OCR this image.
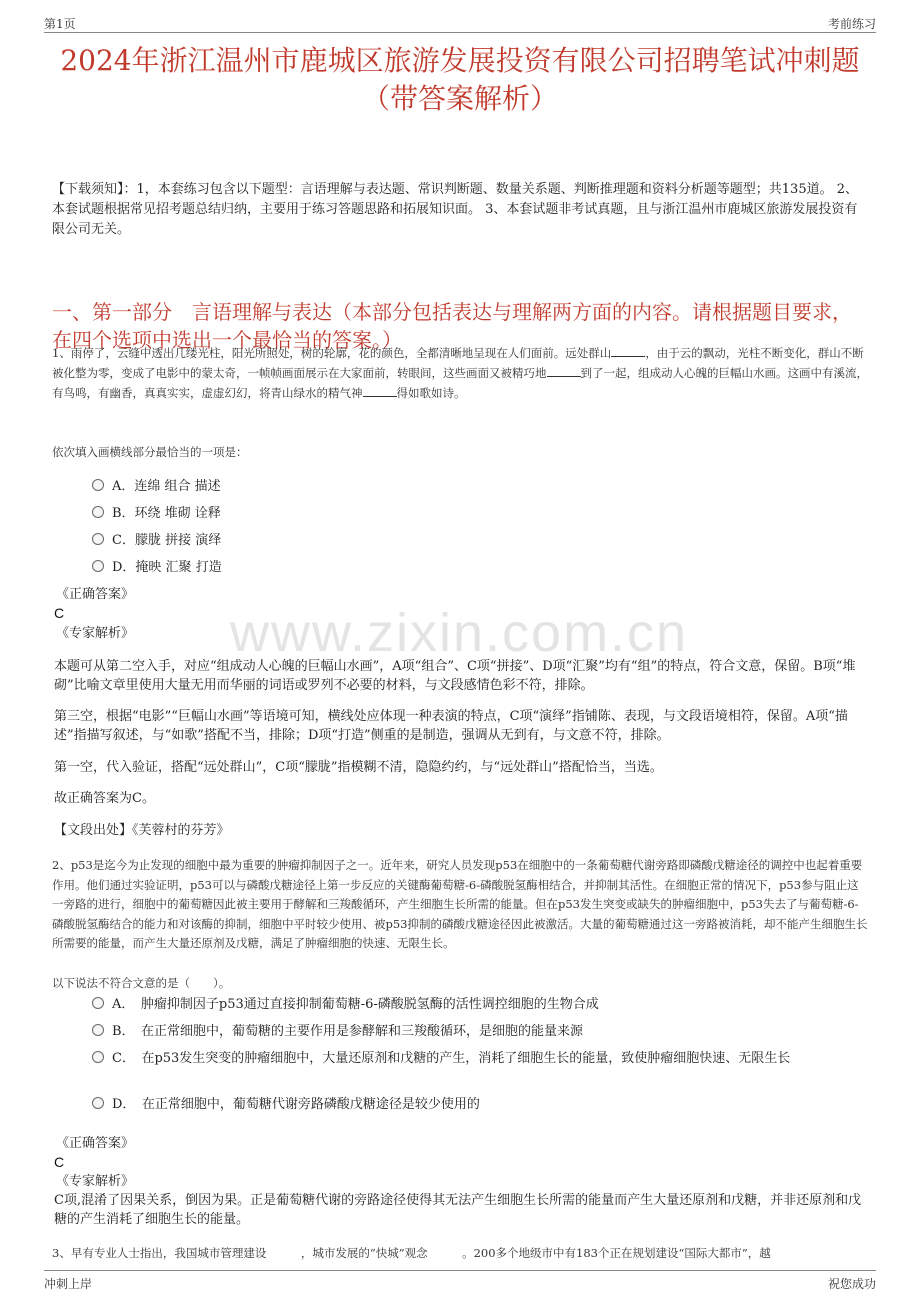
第1页	考前练习
2024年浙江温州市鹿城区旅游发展投资有限公司招聘笔试冲刺题（带答案解析）
【下载须知】：1，本套练习包含以下题型：言语理解与表达题、常识判断题、数量关系题、判断推理题和资料分析题等题型；共135道。 2、本套试题根据常见招考题总结归纳，主要用于练习答题思路和拓展知识面。 3、本套试题非考试真题，且与浙江温州市鹿城区旅游发展投资有限公司无关。
一、第一部分　言语理解与表达（本部分包括表达与理解两方面的内容。请根据题目要求，在四个选项中选出一个最恰当的答案。）
1、雨停了，云缝中透出几缕光柱，阳光所照处，树的轮廓，花的颜色，全都清晰地呈现在人们面前。远处群山	，由于云的飘动，光柱不断变化，群山不断被化整为零，变成了电影中的蒙太奇，一帧帧画面展示在大家面前，转眼间，这些画面又被精巧地	到了一起，组成动人心魄的巨幅山水画。这画中有溪流，有鸟鸣，有幽香，真真实实，虚虚幻幻，将青山绿水的精气神	得如歌如诗。
依次填入画横线部分最恰当的一项是：
A．连绵 组合 描述
B．环绕 堆砌 诠释
C．朦胧 拼接 演绎
D．掩映 汇聚 打造
《正确答案》
C
《专家解析》 www.zixin.com.cn
本题可从第二空入手，对应“组成动人心魄的巨幅山水画”，A项“组合”、C项“拼接”、D项“汇聚”均有“组”的特点，符合文意，保留。B项“堆砌”比喻文章里使用大量无用而华丽的词语或罗列不必要的材料，与文段感情色彩不符，排除。
第三空，根据“电影”“巨幅山水画”等语境可知，横线处应体现一种表演的特点，C项“演绎”指铺陈、表现，与文段语境相符，保留。A项“描述”指描写叙述，与“如歌”搭配不当，排除；D项“打造”侧重的是制造，强调从无到有，与文意不符，排除。
第一空，代入验证，搭配“远处群山”，C项“朦胧”指模糊不清，隐隐约约，与“远处群山”搭配恰当，当选。
故正确答案为C。
【文段出处】《芙蓉村的芬芳》
2、p53是迄今为止发现的细胞中最为重要的肿瘤抑制因子之一。近年来，研究人员发现p53在细胞中的一条葡萄糖代谢旁路即磷酸戊糖途径的调控中也起着重要作用。他们通过实验证明，p53可以与磷酸戊糖途径上第一步反应的关键酶葡萄糖-6-磷酸脱氢酶相结合，并抑制其活性。在细胞正常的情况下，p53参与阻止这一旁路的进行，细胞中的葡萄糖因此被主要用于酵解和三羧酸循环，产生细胞生长所需的能量。但在p53发生突变或缺失的肿瘤细胞中，p53失去了与葡萄糖-6-磷酸脱氢酶结合的能力和对该酶的抑制，细胞中平时较少使用、被p53抑制的磷酸戊糖途径因此被激活。大量的葡萄糖通过这一旁路被消耗，却不能产生细胞生长所需要的能量，而产生大量还原剂及戊糖，满足了肿瘤细胞的快速、无限生长。
以下说法不符合文意的是（　　）。
A．　肿瘤抑制因子p53通过直接抑制葡萄糖-6-磷酸脱氢酶的活性调控细胞的生物合成
B．　在正常细胞中，葡萄糖的主要作用是参酵解和三羧酸循环，是细胞的能量来源
C．　在p53发生突变的肿瘤细胞中，大量还原剂和戊糖的产生，消耗了细胞生长的能量，致使肿瘤细胞快速、无限生长
D．　在正常细胞中，葡萄糖代谢旁路磷酸戊糖途径是较少使用的
《正确答案》
C
《专家解析》
C项,混淆了因果关系，倒因为果。正是葡萄糖代谢的旁路途径使得其无法产生细胞生长所需的能量而产生大量还原剂和戊糖，并非还原剂和戊糖的产生消耗了细胞生长的能量。
3、早有专业人士指出，我国城市管理建设　　　，城市发展的“快城”观念　　　。200多个地级市中有183个正在规划建设“国际大都市”，越
冲刺上岸	祝您成功
